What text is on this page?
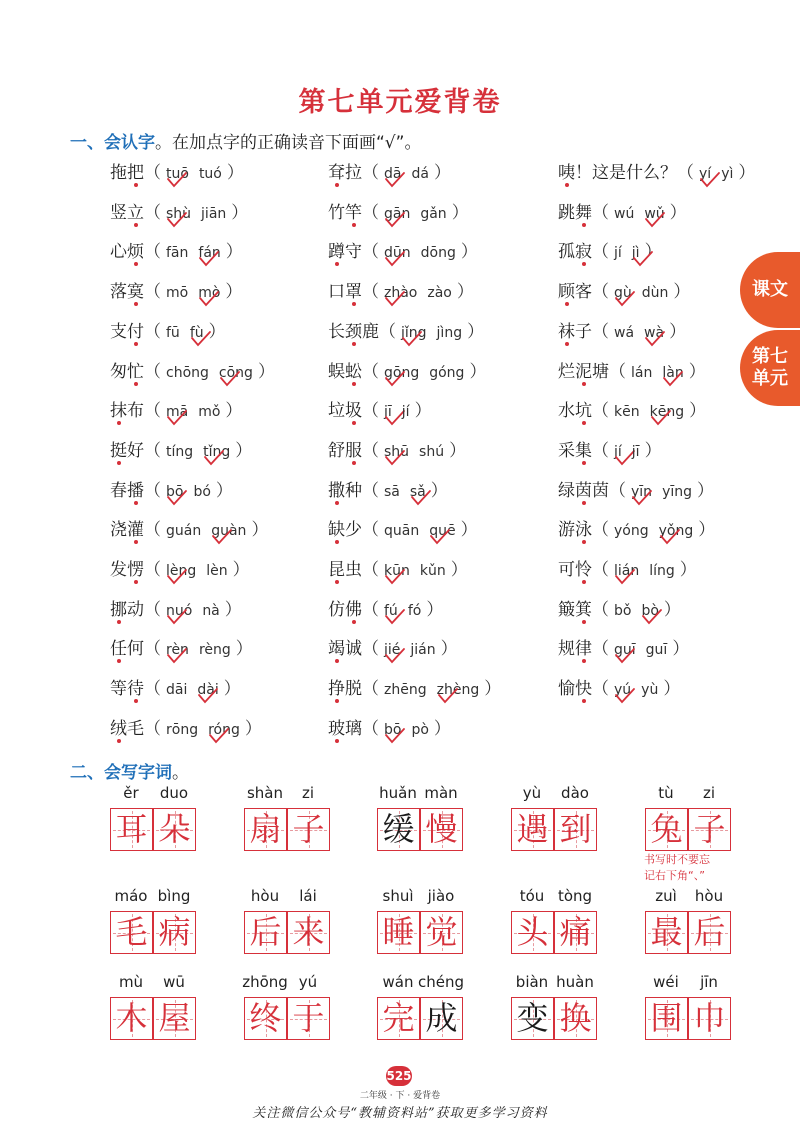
第七单元爱背卷
一、会认字。在加点字的正确读音下面画“√”。
课文
第七单元
拖把（ tuō tuó ）
竖立（ shù jiān ）
心烦（ fān fán ）
落寞（ mō mò ）
支付（ fū fù ）
匆忙（ chōng cōng ）
抹布（ mā mǒ ）
挺好（ tíng tǐng ）
春播（ bō bó ）
浇灌（ guán guàn ）
发愣（ lèng lèn ）
挪动（ nuó nà ）
任何（ rèn rèng ）
等待（ dāi dài ）
绒毛（ rōng róng ）
耷拉（ dā dá ）
竹竿（ gān gǎn ）
蹲守（ dūn dōng ）
口罩（ zhào zào ）
长颈鹿（ jǐng jìng ）
蜈蚣（ gōng góng ）
垃圾（ jī jí ）
舒服（ shū shú ）
撒种（ sā sǎ ）
缺少（ quān quē ）
昆虫（ kūn kǔn ）
仿佛（ fú fó ）
竭诚（ jié jián ）
挣脱（ zhēng zhèng ）
玻璃（ bō pò ）
咦！这是什么？（ yí yì ）
跳舞（ wú wǔ ）
孤寂（ jí jì ）
顾客（ gù dùn ）
袜子（ wá wà ）
烂泥塘（ lán làn ）
水坑（ kēn kēng ）
采集（ jí jī ）
绿茵茵（ yīn yīng ）
游泳（ yóng yǒng ）
可怜（ lián líng ）
簸箕（ bǒ bò ）
规律（ guī guī ）
愉快（ yú yù ）
二、会写字词。
ěr	duo
耳 朵
shàn	zi
扇 子
huǎn màn
缓 慢
yù	dào
遇 到
tù	zi
兔 子
máo bìng
毛 病
hòu	lái
后 来
shuì jiào
睡 觉
tóu tòng
头 痛
zuì	hòu
最 后
mù	wū
木 屋
zhōng yú
终 于
wán chéng
完 成
biàn huàn
变 换
wéi	jīn
围 巾
书写时不要忘
记右下角“、”
525
二年级 · 下 · 爱背卷
关注微信公众号“教辅资料站”获取更多学习资料
